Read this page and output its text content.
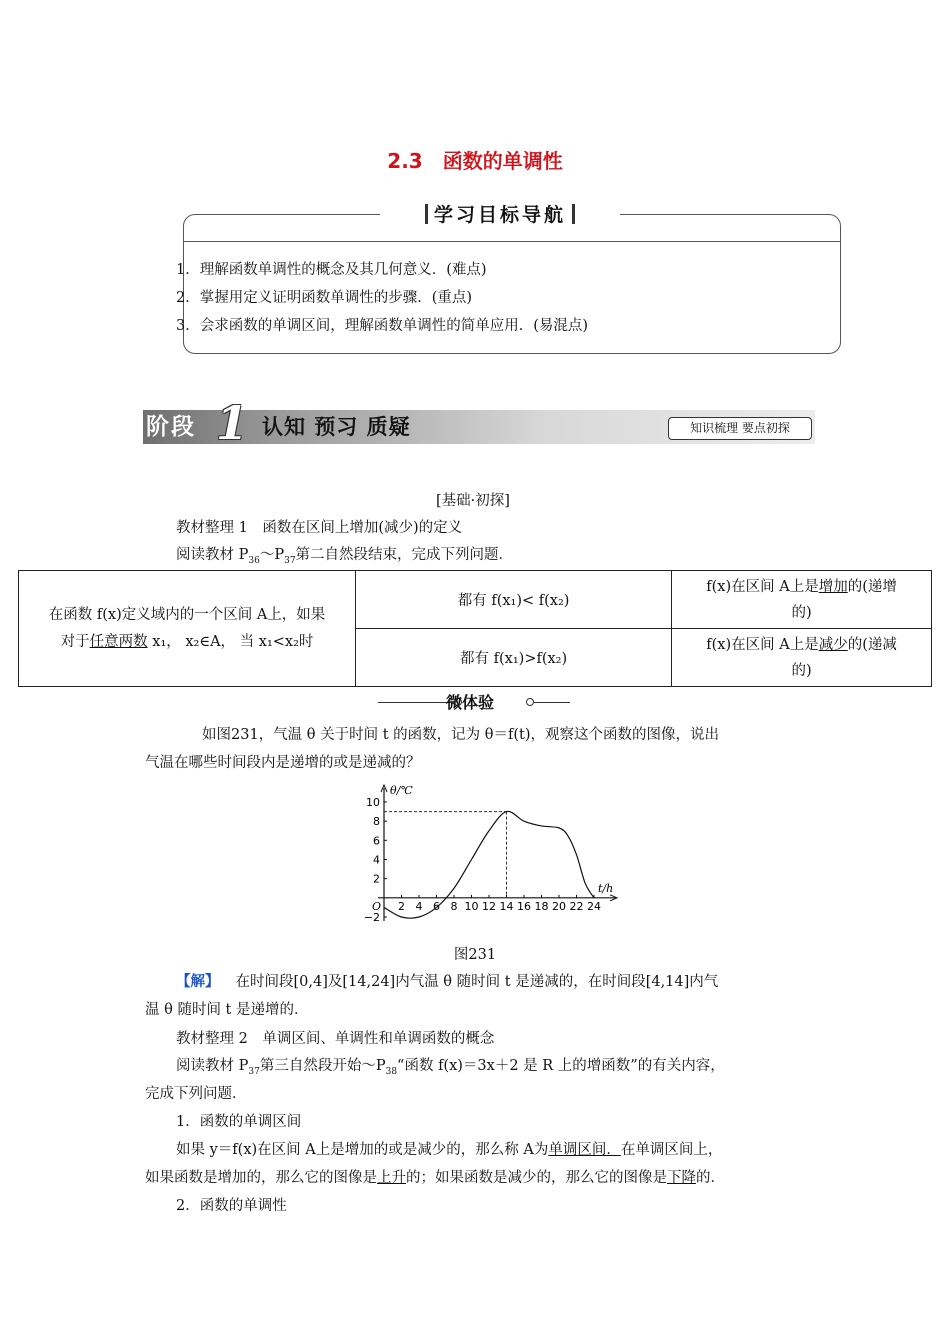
2.3　函数的单调性
学习目标导航
1．理解函数单调性的概念及其几何意义．(难点)
2．掌握用定义证明函数单调性的步骤．(重点)
3．会求函数的单调区间，理解函数单调性的简单应用．(易混点)
阶段 1 认知 预习 质疑	知识梳理 要点初探
[基础·初探]
教材整理 1　函数在区间上增加(减少)的定义
阅读教材 $P_{36}\sim P_{37}$第二自然段结束，完成下列问题．
在函数 f(x)定义域内的一个区间 A上，如果
对于任意两数 x₁， x₂∈A， 当 x₁<x₂时	都有 f(x₁)< f(x₂)	f(x)在区间 A上是增加的(递增
的)
	都有 f(x₁)>f(x₂)	f(x)在区间 A上是减少的(递减
的)
微体验
如图231，气温 θ 关于时间 t 的函数，记为 θ＝f(t)，观察这个函数的图像，说出
气温在哪些时间段内是递增的或是递减的？
θ/℃
t/h
O 2 4 6 8 10 12 14 16 18 20 22 24
10
8
6
4
2
−2
图231
【解】 在时间段[0,4]及[14,24]内气温 θ 随时间 t 是递减的，在时间段[4,14]内气
温 θ 随时间 t 是递增的．
教材整理 2　单调区间、单调性和单调函数的概念
阅读教材 $P_{37}$第三自然段开始$\sim P_{38}“$函数 f(x)＝3x＋2 是 R 上的增函数”的有关内容，
完成下列问题．
1．函数的单调区间
如果 y＝f(x)在区间 A上是增加的或是减少的，那么称 A为单调区间．在单调区间上，
如果函数是增加的，那么它的图像是上升的；如果函数是减少的，那么它的图像是下降的．
2．函数的单调性
